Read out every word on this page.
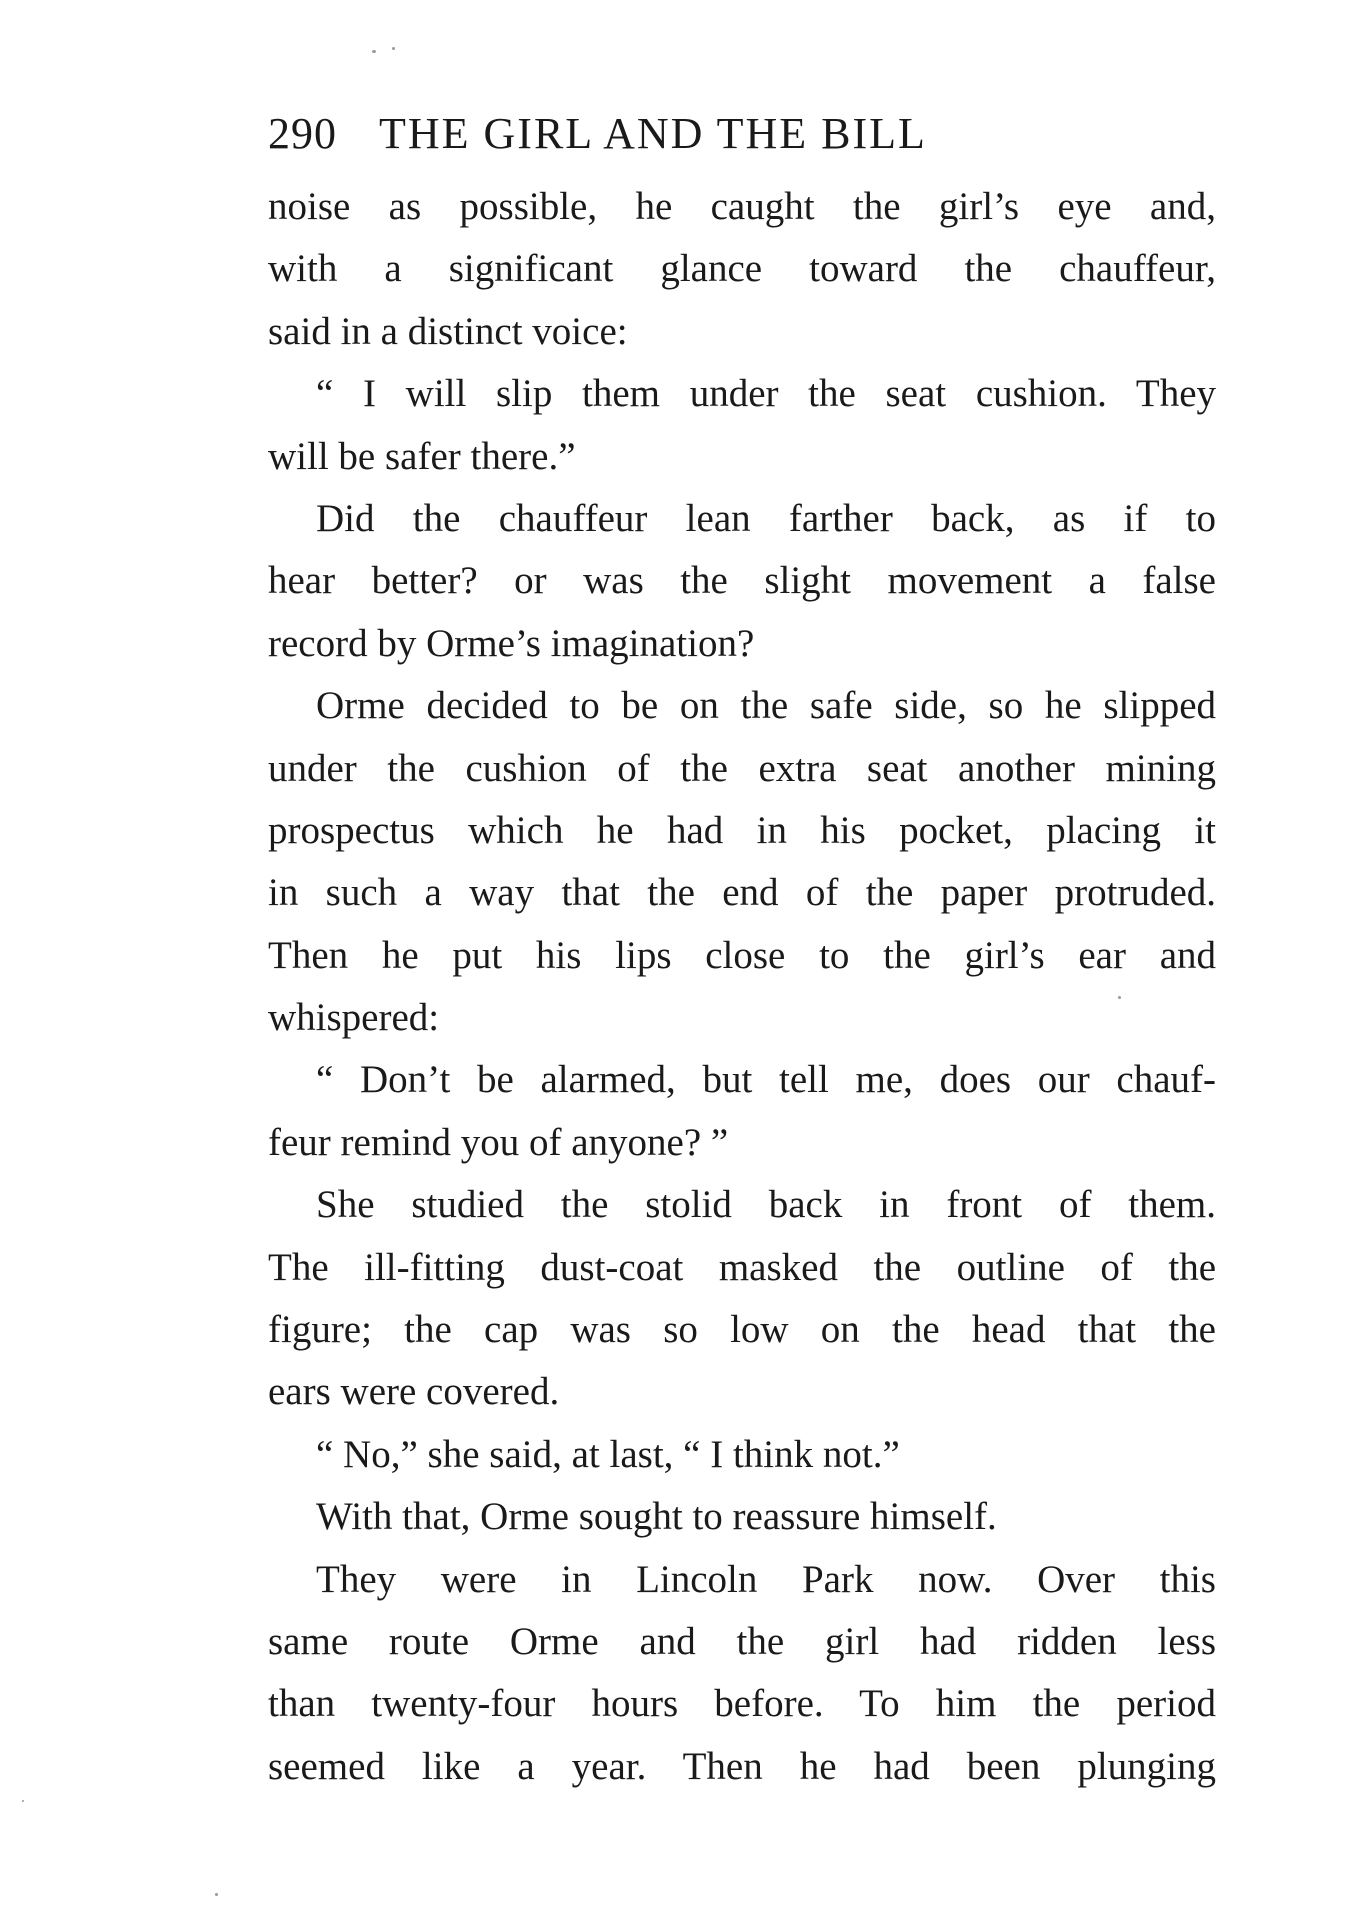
290 THE GIRL AND THE BILL
noise as possible, he caught the girl’s eye and,
with a significant glance toward the chauffeur,
said in a distinct voice:
“ I will slip them under the seat cushion. They
will be safer there.”
Did the chauffeur lean farther back, as if to
hear better? or was the slight movement a false
record by Orme’s imagination?
Orme decided to be on the safe side, so he slipped
under the cushion of the extra seat another mining
prospectus which he had in his pocket, placing it
in such a way that the end of the paper protruded.
Then he put his lips close to the girl’s ear and
whispered:
“ Don’t be alarmed, but tell me, does our chauf-
feur remind you of anyone? ”
She studied the stolid back in front of them.
The ill-fitting dust-coat masked the outline of the
figure; the cap was so low on the head that the
ears were covered.
“ No,” she said, at last, “ I think not.”
With that, Orme sought to reassure himself.
They were in Lincoln Park now. Over this
same route Orme and the girl had ridden less
than twenty-four hours before. To him the period
seemed like a year. Then he had been plunging
